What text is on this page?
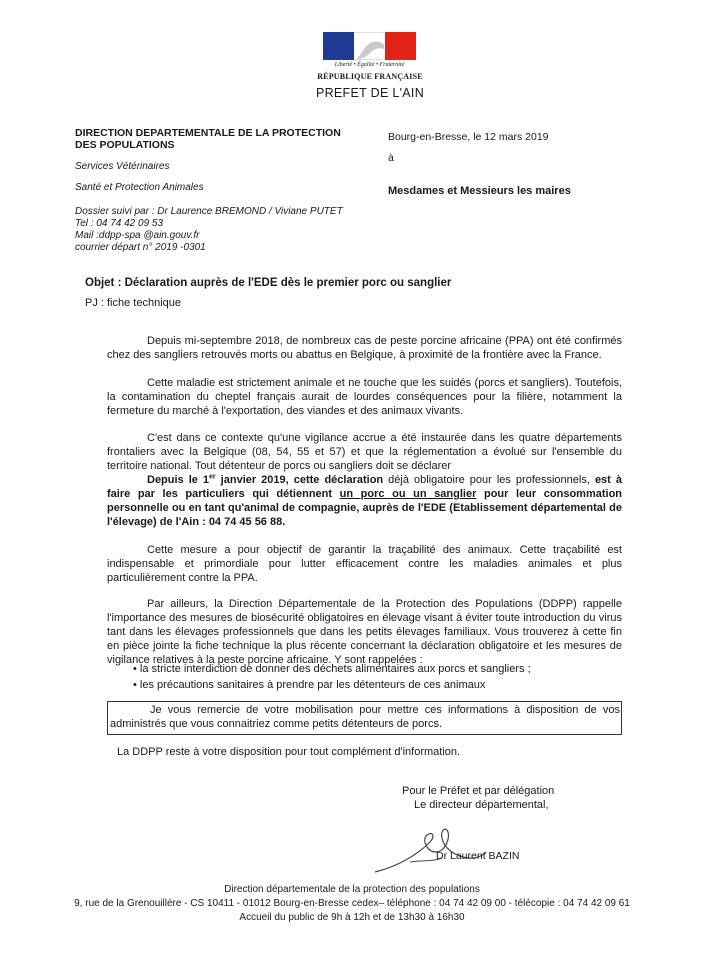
Liberté • Égalité • Fraternité
RÉPUBLIQUE FRANÇAISE
PREFET DE L'AIN
DIRECTION DEPARTEMENTALE DE LA PROTECTION
DES POPULATIONS
Services Vétérinaires
Santé et Protection Animales
Dossier suivi par : Dr Laurence BREMOND / Viviane PUTET
Tel : 04 74 42 09 53
Mail :ddpp-spa @ain.gouv.fr
courrier départ n° 2019 -0301
Bourg-en-Bresse, le 12 mars 2019
à
Mesdames et Messieurs les maires
Objet : Déclaration auprès de l'EDE dès le premier porc ou sanglier
PJ : fiche technique
Depuis mi-septembre 2018, de nombreux cas de peste porcine africaine (PPA) ont été confirmés chez des sangliers retrouvés morts ou abattus en Belgique, à proximité de la frontière avec la France.
Cette maladie est strictement animale et ne touche que les suidés (porcs et sangliers). Toutefois, la contamination du cheptel français aurait de lourdes conséquences pour la filière, notamment la fermeture du marché à l'exportation, des viandes et des animaux vivants.
C'est dans ce contexte qu'une vigilance accrue a été instaurée dans les quatre départements frontaliers avec la Belgique (08, 54, 55 et 57) et que la réglementation a évolué sur l'ensemble du territoire national. Tout détenteur de porcs ou sangliers doit se déclarer
Depuis le 1er janvier 2019, cette déclaration déjà obligatoire pour les professionnels, est à faire par les particuliers qui détiennent un porc ou un sanglier pour leur consommation personnelle ou en tant qu'animal de compagnie, auprès de l'EDE (Etablissement départemental de l'élevage) de l'Ain : 04 74 45 56 88.
Cette mesure a pour objectif de garantir la traçabilité des animaux. Cette traçabilité est indispensable et primordiale pour lutter efficacement contre les maladies animales et plus particulièrement contre la PPA.
Par ailleurs, la Direction Départementale de la Protection des Populations (DDPP) rappelle l'importance des mesures de biosécurité obligatoires en élevage visant à éviter toute introduction du virus tant dans les élevages professionnels que dans les petits élevages familiaux. Vous trouverez à cette fin en pièce jointe la fiche technique la plus récente concernant la déclaration obligatoire et les mesures de vigilance relatives à la peste porcine africaine. Y sont rappelées :
• la stricte interdiction de donner des déchets alimentaires aux porcs et sangliers ;
• les précautions sanitaires à prendre par les détenteurs de ces animaux
Je vous remercie de votre mobilisation pour mettre ces informations à disposition de vos administrés que vous connaitriez comme petits détenteurs de porcs.
La DDPP reste à votre disposition pour tout complément d'information.
Pour le Préfet et par délégation
Le directeur départemental,
Dr Laurent BAZIN
Direction départementale de la protection des populations
9, rue de la Grenouillère - CS 10411 - 01012 Bourg-en-Bresse cedex– téléphone : 04 74 42 09 00 - télécopie : 04 74 42 09 61
Accueil du public de 9h à 12h et de 13h30 à 16h30
